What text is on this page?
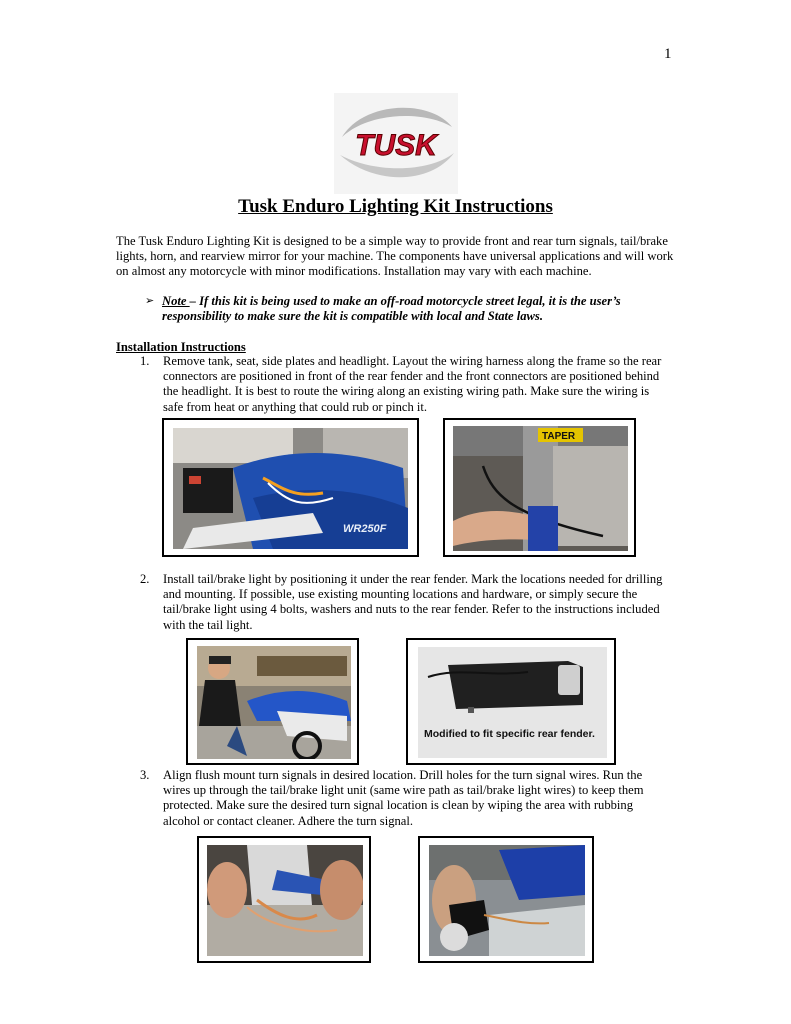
1
TUSK
Tusk Enduro Lighting Kit Instructions
The Tusk Enduro Lighting Kit is designed to be a simple way to provide front and rear turn signals, tail/brake lights, horn, and rearview mirror for your machine. The components have universal applications and will work on almost any motorcycle with minor modifications. Installation may vary with each machine.
➢ Note – If this kit is being used to make an off-road motorcycle street legal, it is the user’s responsibility to make sure the kit is compatible with local and State laws.
Installation Instructions
1.	Remove tank, seat, side plates and headlight. Layout the wiring harness along the frame so the rear connectors are positioned in front of the rear fender and the front connectors are positioned behind the headlight. It is best to route the wiring along an existing wiring path. Make sure the wiring is safe from heat or anything that could rub or pinch it.
WR250F
TAPER
2.	Install tail/brake light by positioning it under the rear fender. Mark the locations needed for drilling and mounting. If possible, use existing mounting locations and hardware, or simply secure the tail/brake light using 4 bolts, washers and nuts to the rear fender. Refer to the instructions included with the tail light.
Modified to fit specific rear fender.
3.	Align flush mount turn signals in desired location. Drill holes for the turn signal wires. Run the wires up through the tail/brake light unit (same wire path as tail/brake light wires) to keep them protected. Make sure the desired turn signal location is clean by wiping the area with rubbing alcohol or contact cleaner. Adhere the turn signal.
